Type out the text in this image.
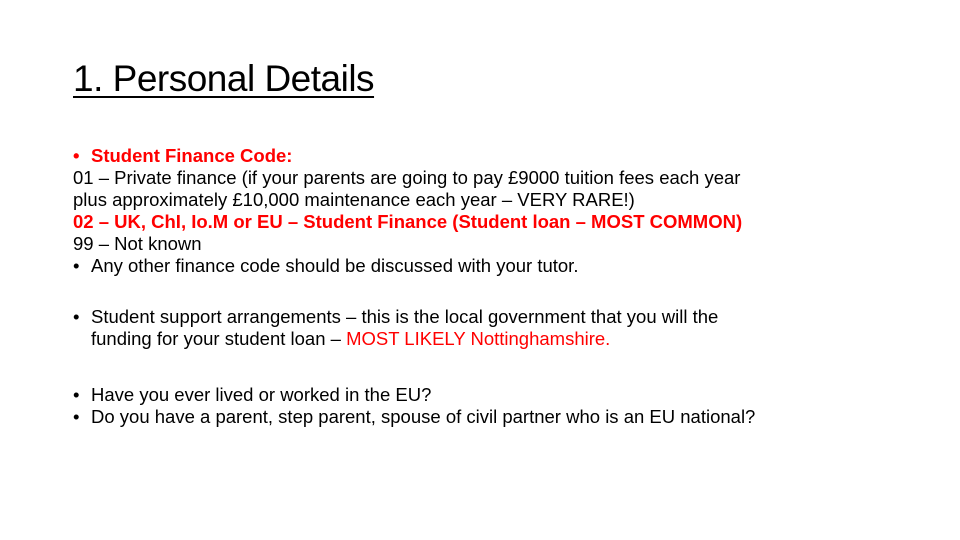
1. Personal Details
• Student Finance Code:
01 – Private finance (if your parents are going to pay £9000 tuition fees each year
plus approximately £10,000 maintenance each year – VERY RARE!)
02 – UK, ChI, Io.M or EU – Student Finance (Student loan – MOST COMMON)
99 – Not known
• Any other finance code should be discussed with your tutor.
• Student support arrangements – this is the local government that you will the
funding for your student loan – MOST LIKELY Nottinghamshire.
• Have you ever lived or worked in the EU?
• Do you have a parent, step parent, spouse of civil partner who is an EU national?
